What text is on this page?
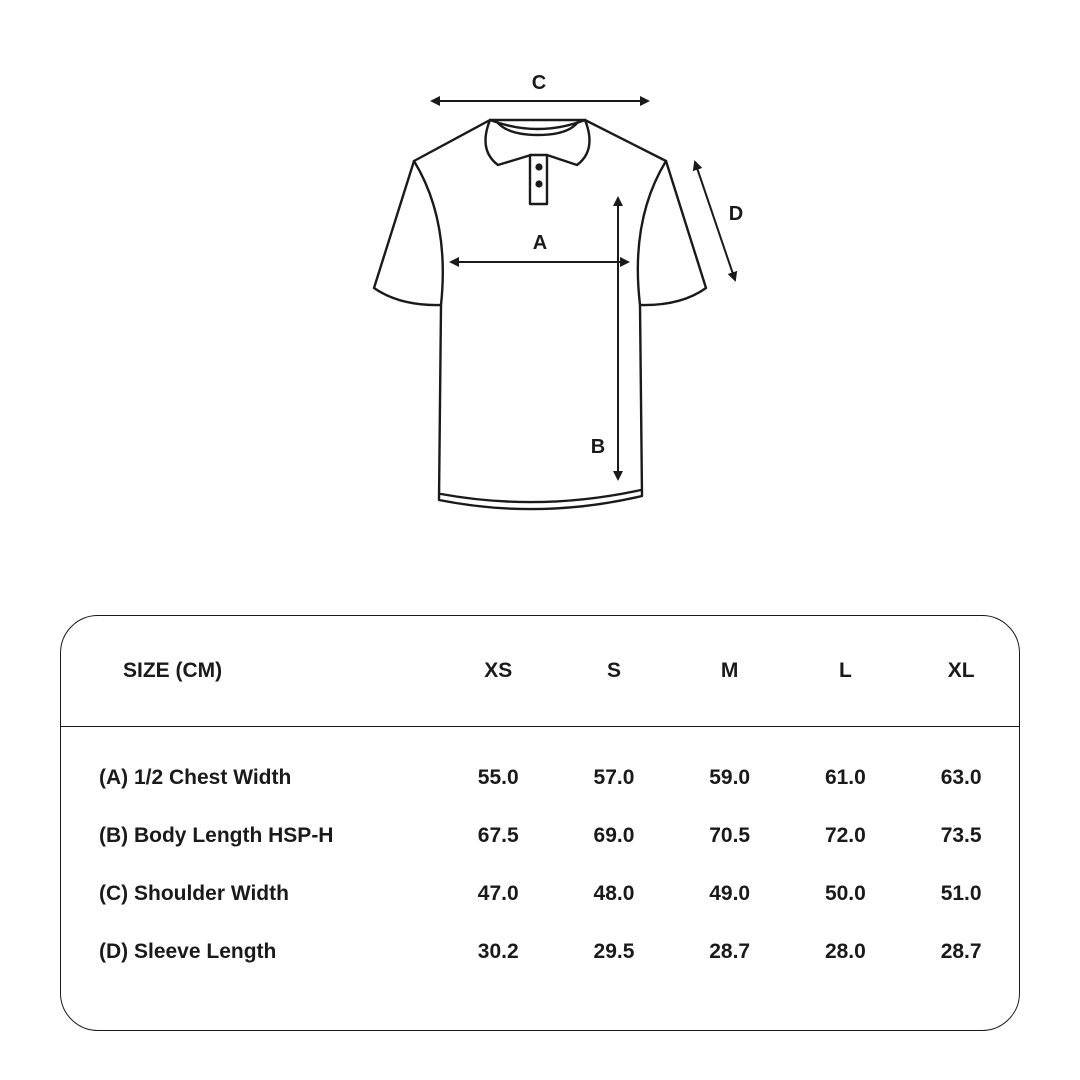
C
A
B
D
SIZE (CM)	XS	S	M	L	XL
(A) 1/2 Chest Width	55.0	57.0	59.0	61.0	63.0
(B) Body Length HSP-H	67.5	69.0	70.5	72.0	73.5
(C) Shoulder Width	47.0	48.0	49.0	50.0	51.0
(D) Sleeve Length	30.2	29.5	28.7	28.0	28.7
